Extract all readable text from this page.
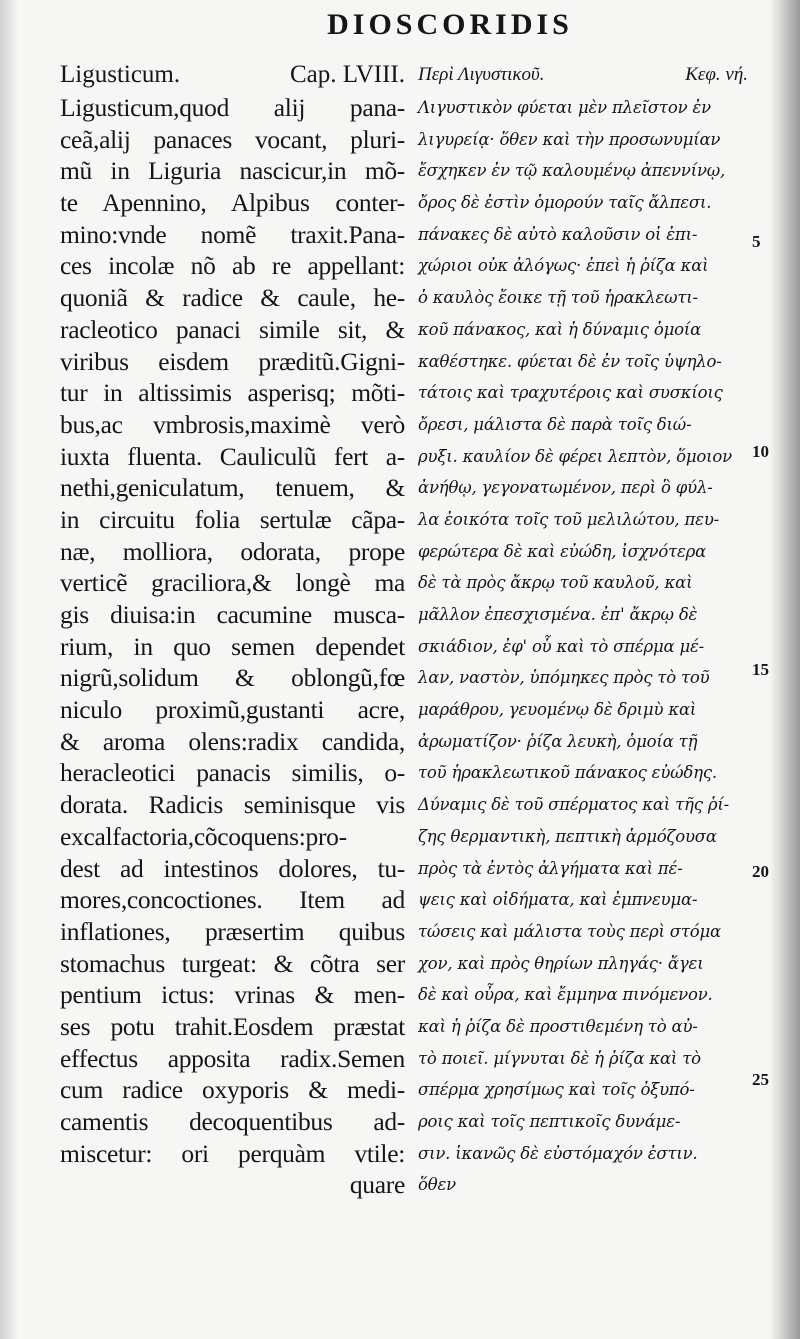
DIOSCORIDIS
Ligusticum.	Cap. LVIII.
Ligusticum,quod alij pana-
ceã,alij panaces vocant, pluri-
mũ in Liguria nascicur,in mõ-
te Apennino, Alpibus conter-
mino:vnde nomẽ traxit.Pana-
ces incolæ nõ ab re appellant:
quoniã & radice & caule, he-
racleotico panaci simile sit, &
viribus eisdem præditũ.Gigni-
tur in altissimis asperisq; mõti-
bus,ac vmbrosis,maximè verò
iuxta fluenta. Cauliculũ fert a-
nethi,geniculatum, tenuem, &
in circuitu folia sertulæ cãpa-
næ, molliora, odorata, prope
verticẽ graciliora,& longè ma
gis diuisa:in cacumine musca-
rium, in quo semen dependet
nigrũ,solidum & oblongũ,fœ
niculo proximũ,gustanti acre,
& aroma olens:radix candida,
heracleotici panacis similis, o-
dorata. Radicis seminisque vis
excalfactoria,cõcoquens:pro-
dest ad intestinos dolores, tu-
mores,concoctiones. Item ad
inflationes, præsertim quibus
stomachus turgeat: & cõtra ser
pentium ictus: vrinas & men-
ses potu trahit.Eosdem præstat
effectus apposita radix.Semen
cum radice oxyporis & medi-
camentis decoquentibus ad-
miscetur: ori perquàm vtile:
quare
Περὶ Λιγυστικοῦ.	Κεφ. νή.
Λιγυστικὸν φύεται μὲν πλεῖστον ἐν
λιγυρείᾳ· ὅθεν καὶ τὴν προσωνυμίαν
ἔσχηκεν ἐν τῷ καλουμένῳ ἀπεννίνῳ,
ὄρος δὲ ἐστὶν ὁμορούν ταῖς ἄλπεσι.
πάνακες δὲ αὐτὸ καλοῦσιν οἱ ἐπι-
χώριοι οὐκ ἀλόγως· ἐπεὶ ἡ ῥίζα καὶ
ὁ καυλὸς ἔοικε τῇ τοῦ ἡρακλεωτι-
κοῦ πάνακος, καὶ ἡ δύναμις ὁμοία
καθέστηκε. φύεται δὲ ἐν τοῖς ὑψηλο-
τάτοις καὶ τραχυτέροις καὶ συσκίοις
ὄρεσι, μάλιστα δὲ παρὰ τοῖς διώ-
ρυξι. καυλίον δὲ φέρει λεπτὸν, ὅμοιον
ἀνήθῳ, γεγονατωμένον, περὶ ὃ φύλ-
λα ἐοικότα τοῖς τοῦ μελιλώτου, πευ-
φερώτερα δὲ καὶ εὐώδη, ἰσχνότερα
δὲ τὰ πρὸς ἄκρῳ τοῦ καυλοῦ, καὶ
μᾶλλον ἐπεσχισμένα. ἐπ' ἄκρῳ δὲ
σκιάδιον, ἐφ' οὗ καὶ τὸ σπέρμα μέ-
λαν, ναστὸν, ὑπόμηκες πρὸς τὸ τοῦ
μαράθρου, γευομένῳ δὲ δριμὺ καὶ
ἀρωματίζον· ῥίζα λευκὴ, ὁμοία τῇ
τοῦ ἡρακλεωτικοῦ πάνακος εὐώδης.
Δύναμις δὲ τοῦ σπέρματος καὶ τῆς ῥί-
ζης θερμαντικὴ, πεπτικὴ ἁρμόζουσα
πρὸς τὰ ἐντὸς ἀλγήματα καὶ πέ-
ψεις καὶ οἰδήματα, καὶ ἐμπνευμα-
τώσεις καὶ μάλιστα τοὺς περὶ στόμα
χον, καὶ πρὸς θηρίων πληγάς· ἄγει
δὲ καὶ οὖρα, καὶ ἔμμηνα πινόμενον.
καὶ ἡ ῥίζα δὲ προστιθεμένη τὸ αὐ-
τὸ ποιεῖ. μίγνυται δὲ ἡ ῥίζα καὶ τὸ
σπέρμα χρησίμως καὶ τοῖς ὀξυπό-
ροις καὶ τοῖς πεπτικοῖς δυνάμε-
σιν. ἱκανῶς δὲ εὐστόμαχόν ἐστιν.
ὅθεν
5
10
15
20
25
